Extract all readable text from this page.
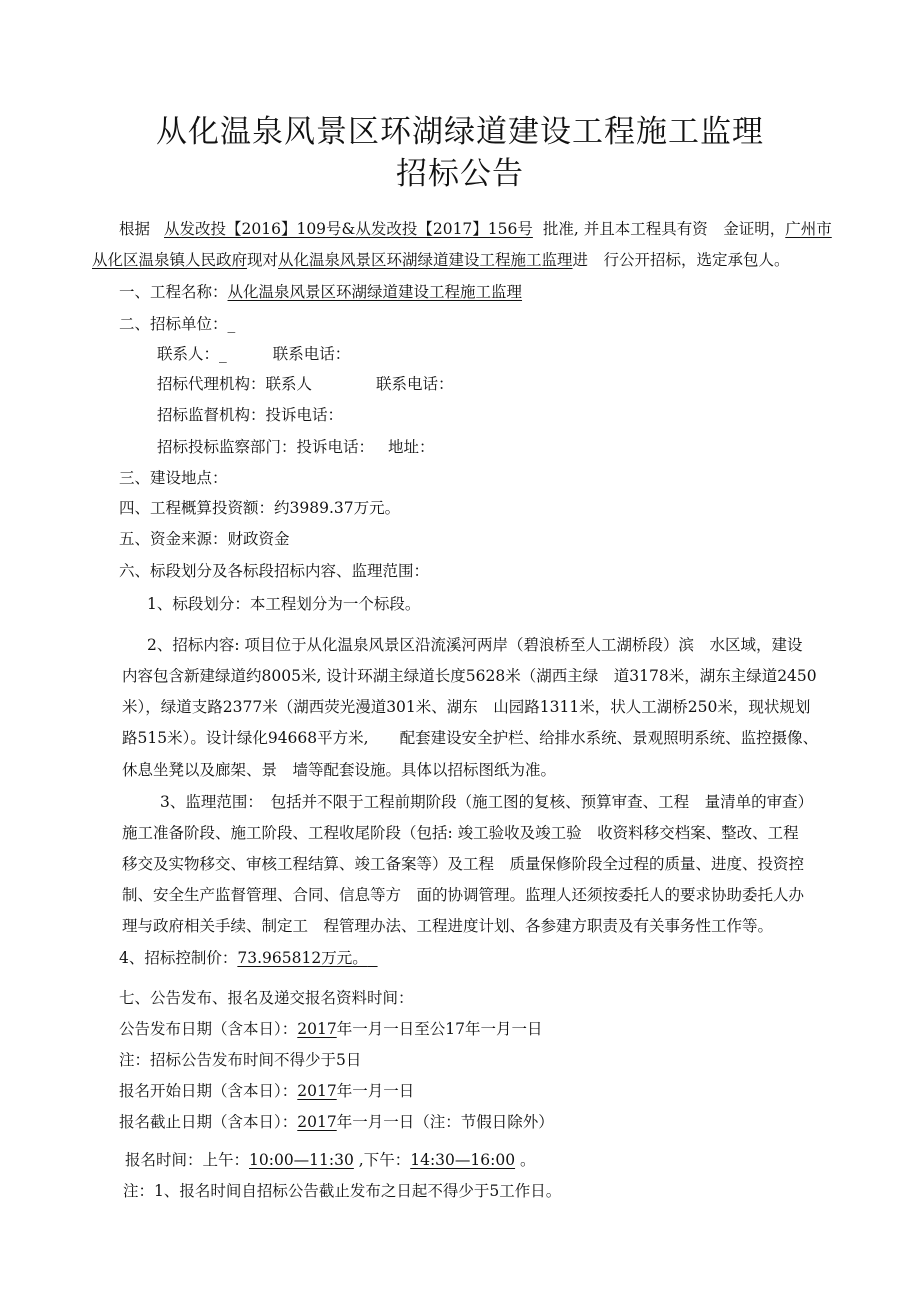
从化温泉风景区环湖绿道建设工程施工监理
招标公告
根据 从发改投【2016】109号&从发改投【2017】156号 批准, 并且本工程具有资　金证明，广州市
从化区温泉镇人民政府现对从化温泉风景区环湖绿道建设工程施工监理进　行公开招标，选定承包人。
一、工程名称：从化温泉风景区环湖绿道建设工程施工监理
二、招标单位：_
联系人：_	联系电话：
招标代理机构：联系人	联系电话：
招标监督机构：投诉电话：
招标投标监察部门：投诉电话： 地址：
三、建设地点：
四、工程概算投资额：约3989.37万元。
五、资金来源：财政资金
六、标段划分及各标段招标内容、监理范围：
1、标段划分：本工程划分为一个标段。
2、招标内容: 项目位于从化温泉风景区沿流溪河两岸（碧浪桥至人工湖桥段）滨　水区域，建设
内容包含新建绿道约8005米, 设计环湖主绿道长度5628米（湖西主绿　道3178米，湖东主绿道2450
米），绿道支路2377米（湖西荧光漫道301米、湖东　山园路1311米，状人工湖桥250米，现状规划
路515米）。设计绿化94668平方米,　　配套建设安全护栏、给排水系统、景观照明系统、监控摄像、
休息坐凳以及廊架、景　墙等配套设施。具体以招标图纸为准。
3、监理范围：　包括并不限于工程前期阶段（施工图的复核、预算审查、工程　量清单的审查）
施工准备阶段、施工阶段、工程收尾阶段（包括: 竣工验收及竣工验　收资料移交档案、整改、工程
移交及实物移交、审核工程结算、竣工备案等）及工程　质量保修阶段全过程的质量、进度、投资控
制、安全生产监督管理、合同、信息等方　面的协调管理。监理人还须按委托人的要求协助委托人办
理与政府相关手续、制定工　程管理办法、工程进度计划、各参建方职责及有关事务性工作等。
4、招标控制价：73.965812万元。
七、公告发布、报名及递交报名资料时间：
公告发布日期（含本日）：2017年一月一日至公17年一月一日
注：招标公告发布时间不得少于5日
报名开始日期（含本日）：2017年一月一日
报名截止日期（含本日）：2017年一月一日（注：节假日除外）
报名时间：上午：10:00—11:30 ,下午：14:30—16:00 。
注：1、报名时间自招标公告截止发布之日起不得少于5工作日。
